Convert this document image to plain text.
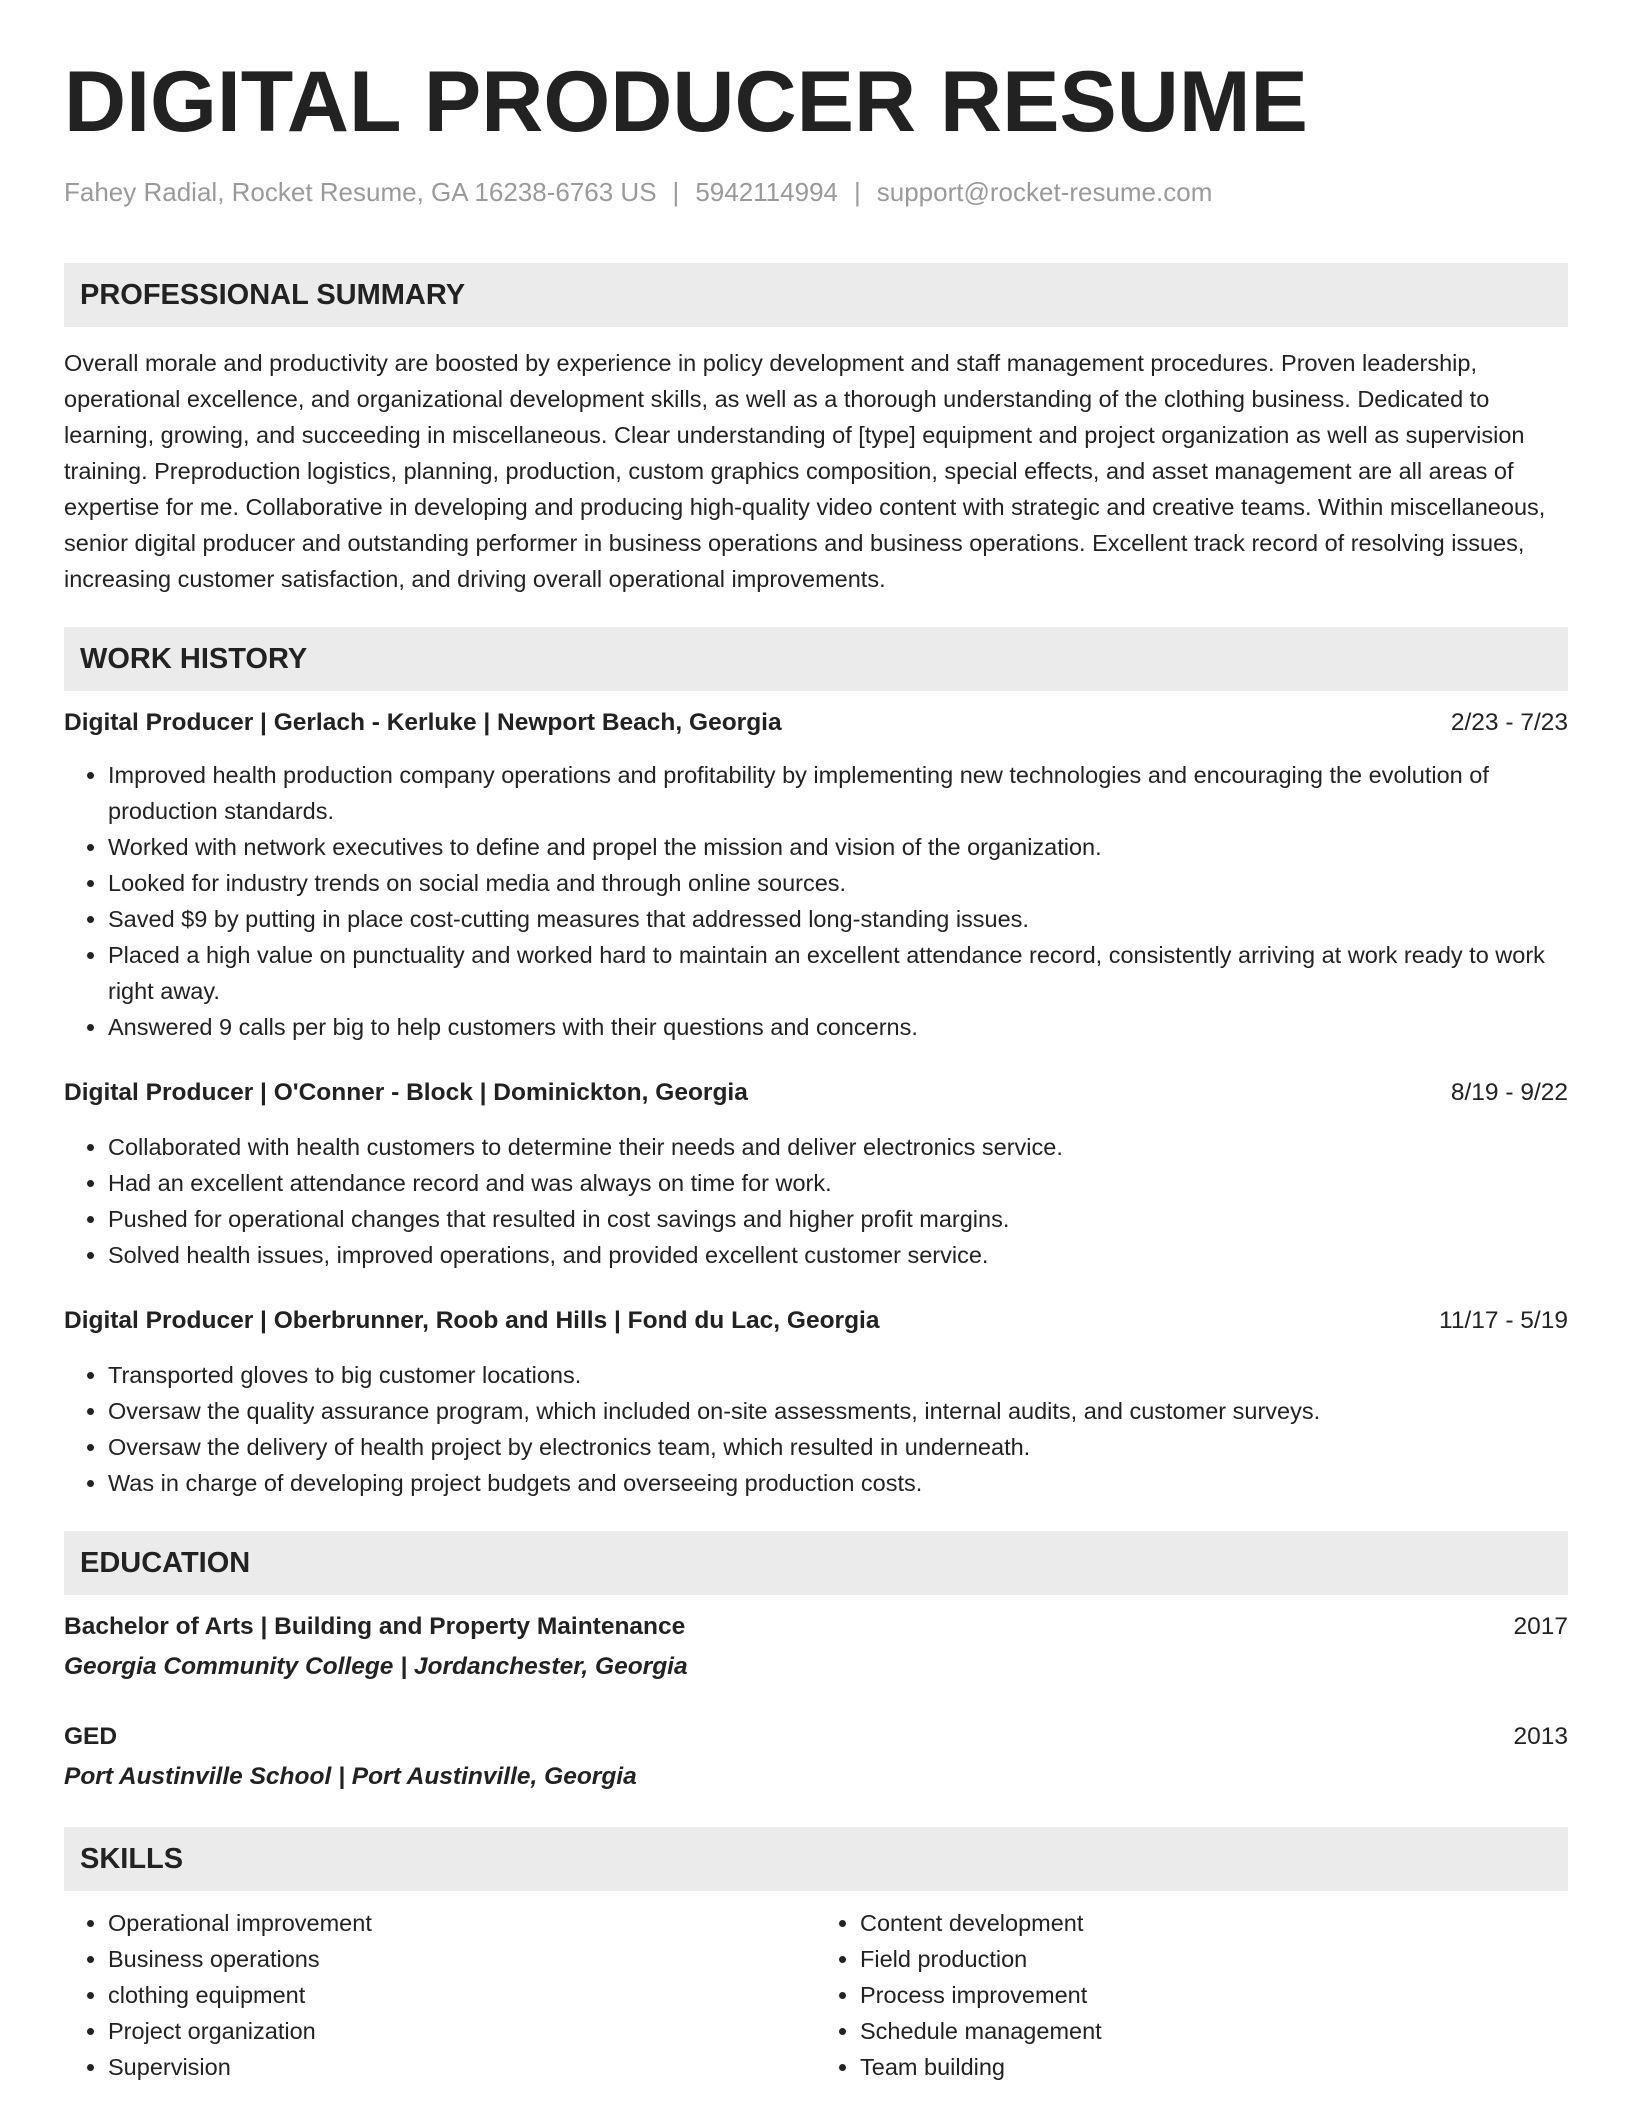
DIGITAL PRODUCER RESUME
Fahey Radial, Rocket Resume, GA 16238-6763 US | 5942114994 | support@rocket-resume.com
PROFESSIONAL SUMMARY

Overall morale and productivity are boosted by experience in policy development and staff management procedures. Proven leadership, operational excellence, and organizational development skills, as well as a thorough understanding of the clothing business. Dedicated to learning, growing, and succeeding in miscellaneous. Clear understanding of [type] equipment and project organization as well as supervision training. Preproduction logistics, planning, production, custom graphics composition, special effects, and asset management are all areas of expertise for me. Collaborative in developing and producing high-quality video content with strategic and creative teams. Within miscellaneous, senior digital producer and outstanding performer in business operations and business operations. Excellent track record of resolving issues, increasing customer satisfaction, and driving overall operational improvements.

WORK HISTORY
Digital Producer | Gerlach - Kerluke | Newport Beach, Georgia	2/23 - 7/23
• Improved health production company operations and profitability by implementing new technologies and encouraging the evolution of production standards.
• Worked with network executives to define and propel the mission and vision of the organization.
• Looked for industry trends on social media and through online sources.
• Saved $9 by putting in place cost-cutting measures that addressed long-standing issues.
• Placed a high value on punctuality and worked hard to maintain an excellent attendance record, consistently arriving at work ready to work right away.
• Answered 9 calls per big to help customers with their questions and concerns.
Digital Producer | O'Conner - Block | Dominickton, Georgia	8/19 - 9/22
• Collaborated with health customers to determine their needs and deliver electronics service.
• Had an excellent attendance record and was always on time for work.
• Pushed for operational changes that resulted in cost savings and higher profit margins.
• Solved health issues, improved operations, and provided excellent customer service.
Digital Producer | Oberbrunner, Roob and Hills | Fond du Lac, Georgia	11/17 - 5/19
• Transported gloves to big customer locations.
• Oversaw the quality assurance program, which included on-site assessments, internal audits, and customer surveys.
• Oversaw the delivery of health project by electronics team, which resulted in underneath.
• Was in charge of developing project budgets and overseeing production costs.
EDUCATION
Bachelor of Arts | Building and Property Maintenance	2017
Georgia Community College | Jordanchester, Georgia
GED	2013
Port Austinville School | Port Austinville, Georgia
SKILLS
• Operational improvement
• Business operations
• clothing equipment
• Project organization
• Supervision
• Content development
• Field production
• Process improvement
• Schedule management
• Team building
